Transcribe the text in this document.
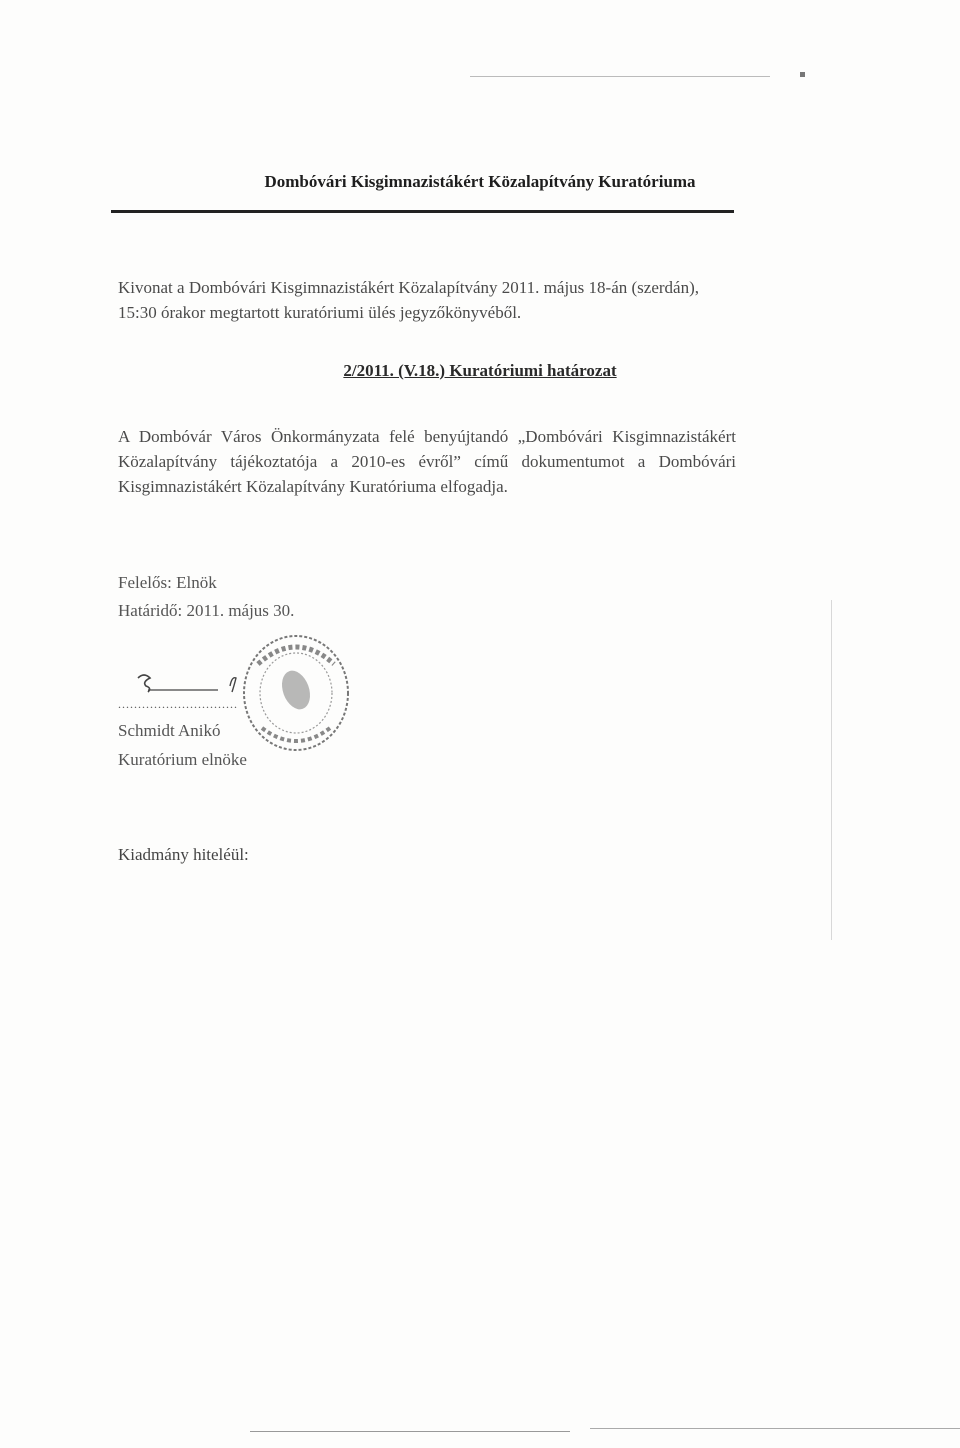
Dombóvári Kisgimnazistákért Közalapítvány Kuratóriuma

Kivonat a Dombóvári Kisgimnazistákért Közalapítvány 2011. május 18-án (szerdán), 15:30 órakor megtartott kuratóriumi ülés jegyzőkönyvéből.

2/2011. (V.18.) Kuratóriumi határozat

A Dombóvár Város Önkormányzata felé benyújtandó „Dombóvári Kisgimnazistákért Közalapítvány tájékoztatója a 2010-es évről” című dokumentumot a Dombóvári Kisgimnazistákért Közalapítvány Kuratóriuma elfogadja.

Felelős: Elnök
Határidő: 2011. május 30.
..............................
Schmidt Anikó
Kuratórium elnöke
Kiadmány hiteléül:
